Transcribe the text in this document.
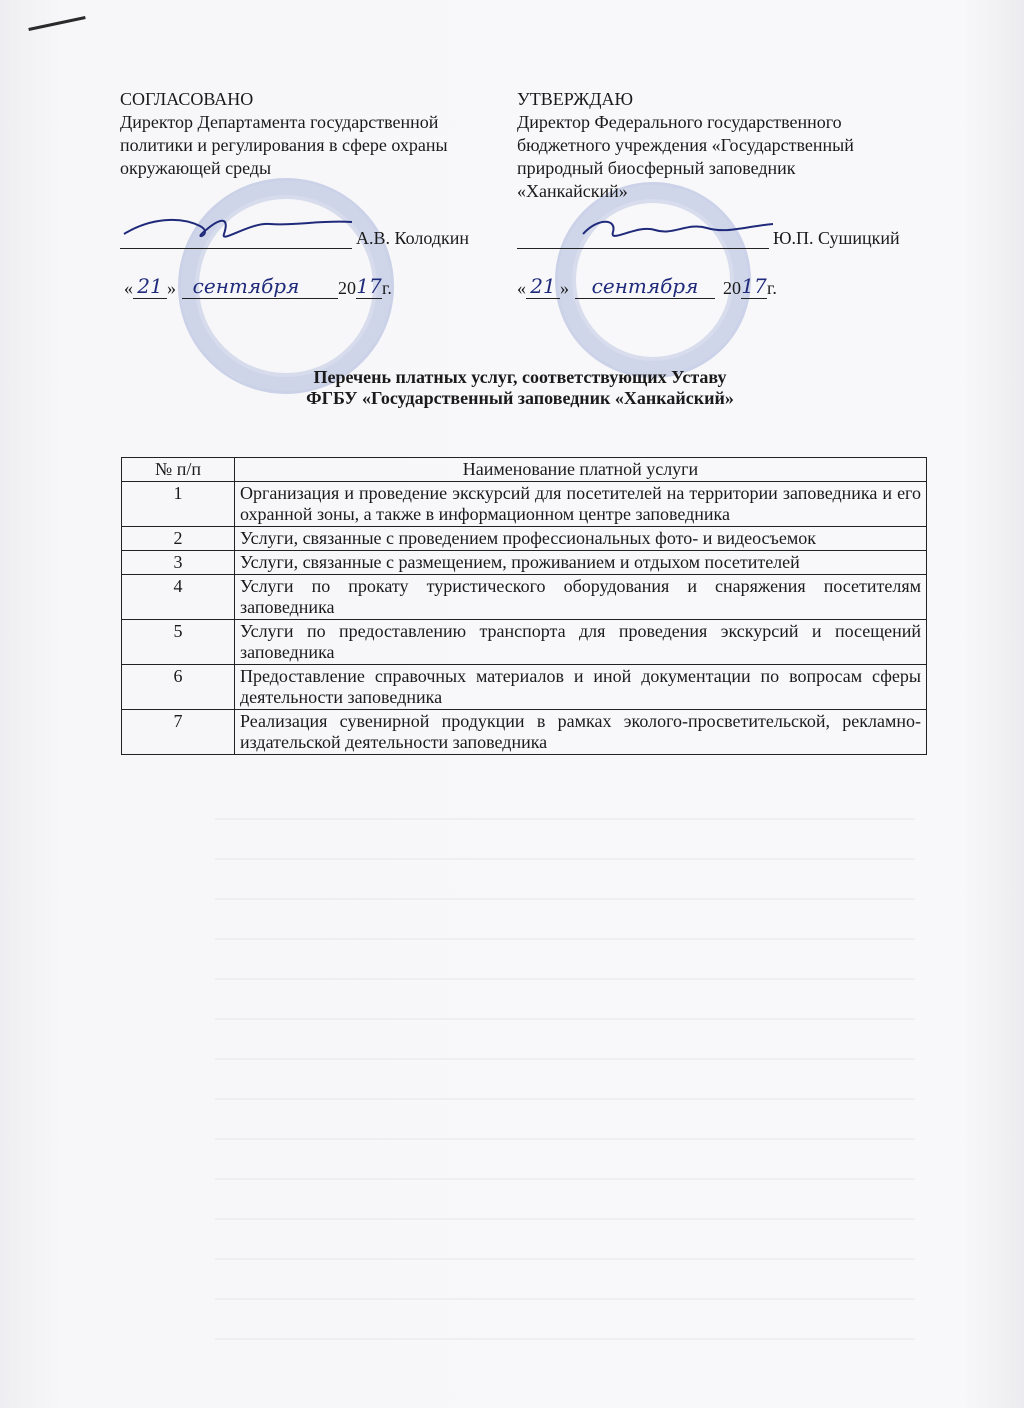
СОГЛАСОВАНО

Директор Департамента государственной

политики и регулирования в сфере охраны

окружающей среды

А.В. Колодкин
« 21 » сентября	20 17 г.

УТВЕРЖДАЮ

Директор Федерального государственного

бюджетного учреждения «Государственный

природный биосферный заповедник

«Ханкайский»

Ю.П. Сушицкий
« 21 »	сентября	20 17 г.

Перечень платных услуг, соответствующих Уставу

ФГБУ «Государственный заповедник «Ханкайский»

№ п/п	Наименование платной услуги
1	Организация и проведение экскурсий для посетителей на территории заповедника и его охранной зоны, а также в информационном центре заповедника
2	Услуги, связанные с проведением профессиональных фото- и видеосъемок
3	Услуги, связанные с размещением, проживанием и отдыхом посетителей
4	Услуги по прокату туристического оборудования и снаряжения посетителям заповедника
5	Услуги по предоставлению транспорта для проведения экскурсий и посещений заповедника
6	Предоставление справочных материалов и иной документации по вопросам сферы деятельности заповедника
7	Реализация сувенирной продукции в рамках эколого-просветительской, рекламно-издательской деятельности заповедника
